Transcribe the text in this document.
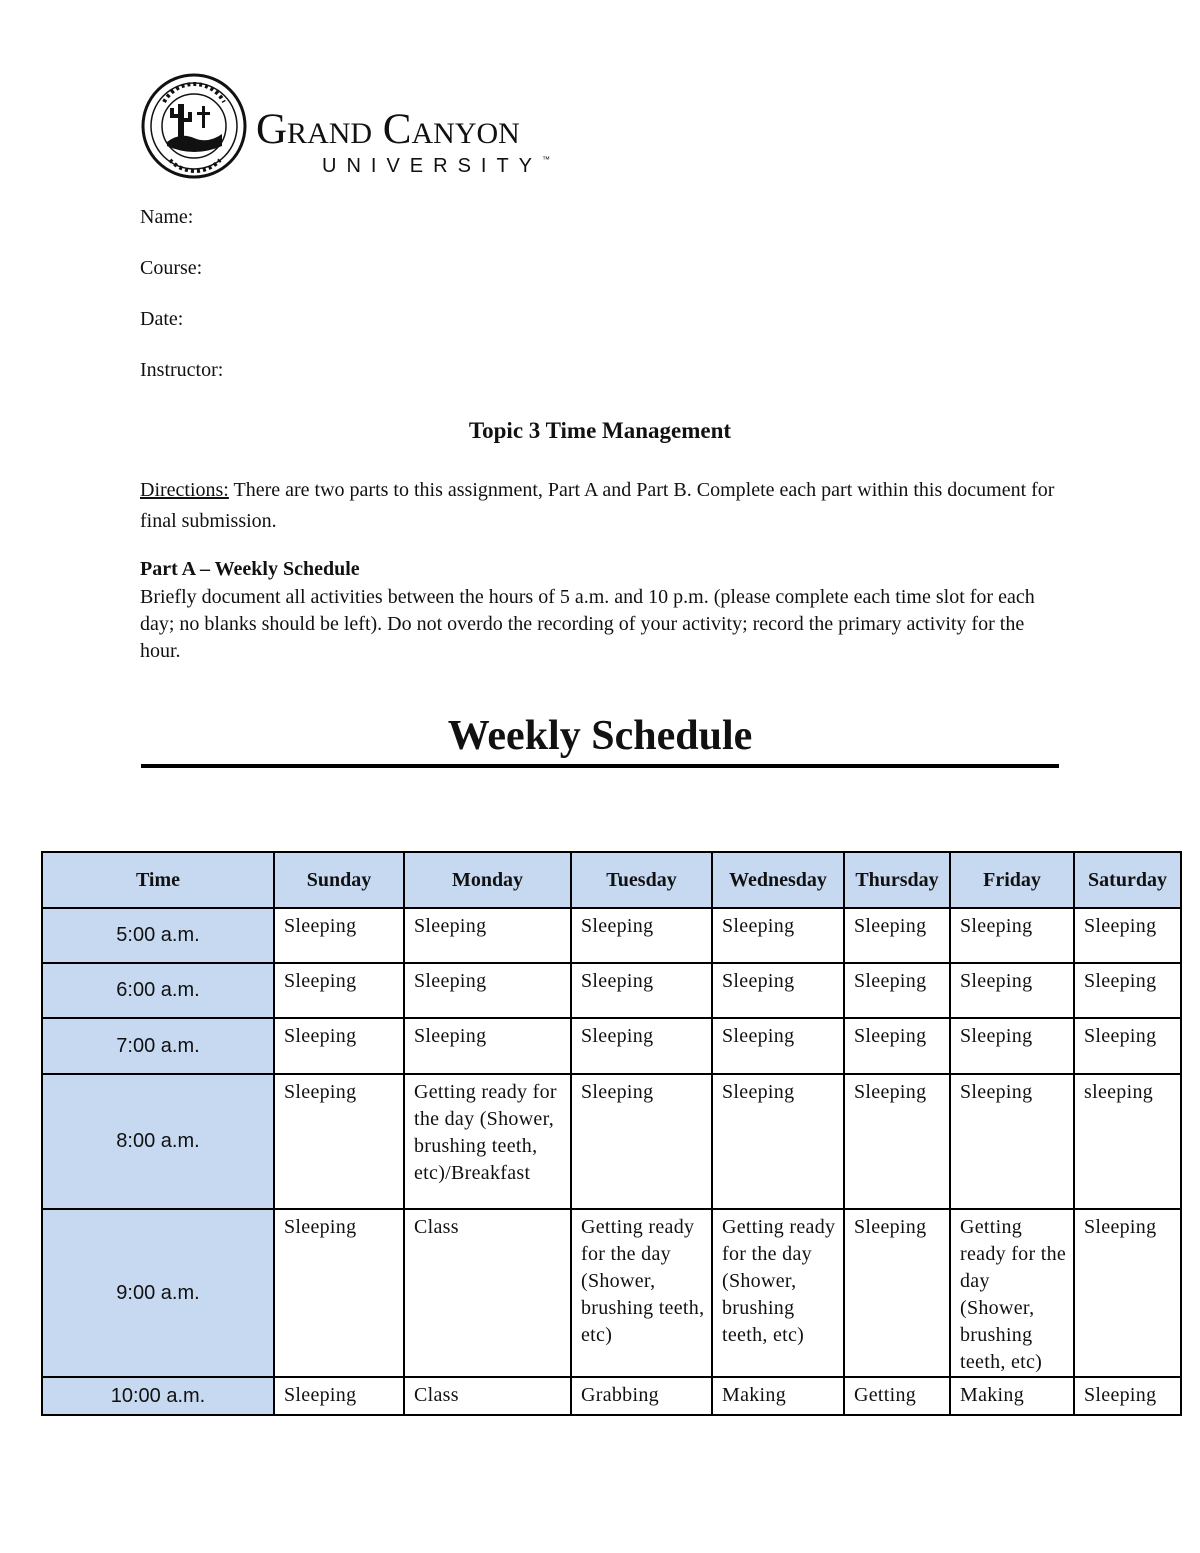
Grand Canyon
UNIVERSITY™
Name:
Course:
Date:
Instructor:
Topic 3 Time Management
Directions: There are two parts to this assignment, Part A and Part B. Complete each part within this document for final submission.
Part A – Weekly Schedule
Briefly document all activities between the hours of 5 a.m. and 10 p.m. (please complete each time slot for each day; no blanks should be left). Do not overdo the recording of your activity; record the primary activity for the hour.
Weekly Schedule
Time	Sunday	Monday	Tuesday	Wednesday	Thursday	Friday	Saturday
5:00 a.m.	Sleeping	Sleeping	Sleeping	Sleeping	Sleeping	Sleeping	Sleeping
6:00 a.m.	Sleeping	Sleeping	Sleeping	Sleeping	Sleeping	Sleeping	Sleeping
7:00 a.m.	Sleeping	Sleeping	Sleeping	Sleeping	Sleeping	Sleeping	Sleeping
8:00 a.m.	Sleeping	Getting ready for the day (Shower, brushing teeth, etc)/Breakfast	Sleeping	Sleeping	Sleeping	Sleeping	sleeping
9:00 a.m.	Sleeping	Class	Getting ready for the day (Shower, brushing teeth, etc)	Getting ready for the day (Shower, brushing teeth, etc)	Sleeping	Getting ready for the day (Shower, brushing teeth, etc)	Sleeping
10:00 a.m.	Sleeping	Class	Grabbing	Making	Getting	Making	Sleeping
